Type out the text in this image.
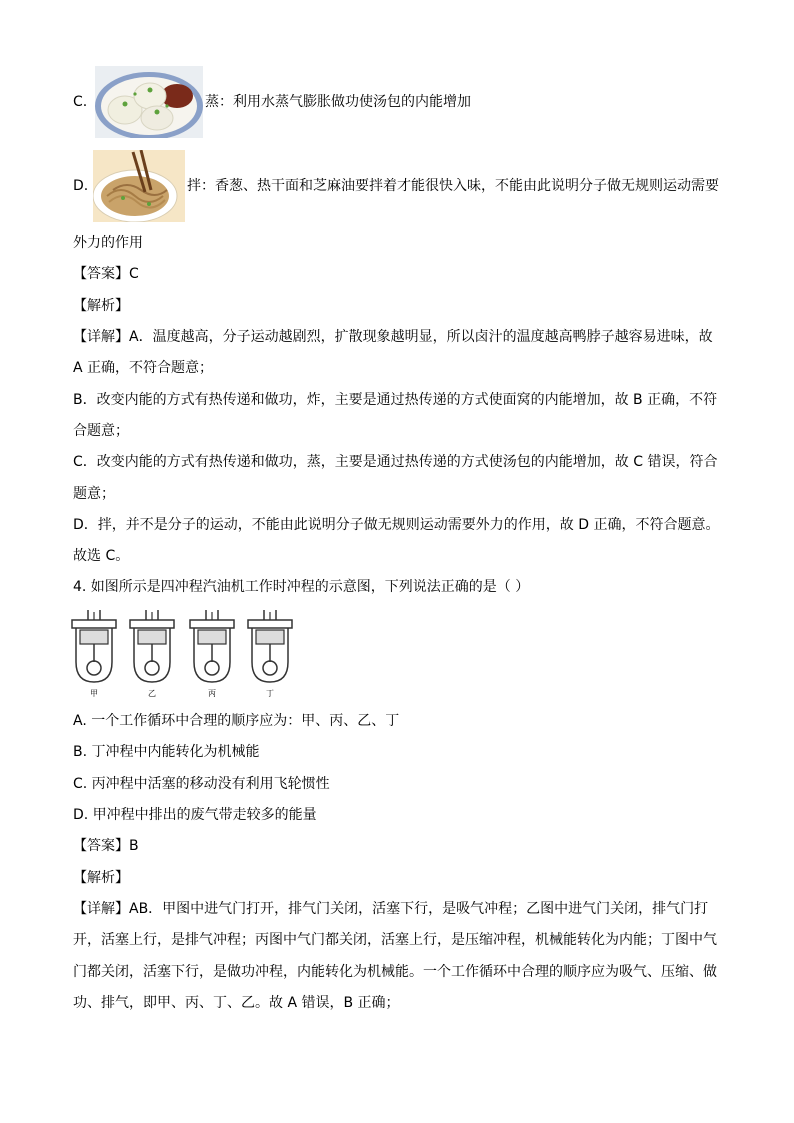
C.	蒸：利用水蒸气膨胀做功使汤包的内能增加
D.	拌：香葱、热干面和芝麻油要拌着才能很快入味，不能由此说明分子做无规则运动需要
外力的作用
【答案】C
【解析】
【详解】A．温度越高，分子运动越剧烈，扩散现象越明显，所以卤汁的温度越高鸭脖子越容易进味，故
A 正确，不符合题意；
B．改变内能的方式有热传递和做功，炸，主要是通过热传递的方式使面窝的内能增加，故 B 正确，不符
合题意；
C．改变内能的方式有热传递和做功，蒸，主要是通过热传递的方式使汤包的内能增加，故 C 错误，符合
题意；
D．拌，并不是分子的运动，不能由此说明分子做无规则运动需要外力的作用，故 D 正确，不符合题意。
故选 C。
4. 如图所示是四冲程汽油机工作时冲程的示意图，下列说法正确的是（ ）
甲	乙	丙	丁
A. 一个工作循环中合理的顺序应为：甲、丙、乙、丁
B. 丁冲程中内能转化为机械能
C. 丙冲程中活塞的移动没有利用飞轮惯性
D. 甲冲程中排出的废气带走较多的能量
【答案】B
【解析】
【详解】AB．甲图中进气门打开，排气门关闭，活塞下行，是吸气冲程；乙图中进气门关闭，排气门打
开，活塞上行，是排气冲程；丙图中气门都关闭，活塞上行，是压缩冲程，机械能转化为内能；丁图中气
门都关闭，活塞下行，是做功冲程，内能转化为机械能。一个工作循环中合理的顺序应为吸气、压缩、做
功、排气，即甲、丙、丁、乙。故 A 错误，B 正确；
